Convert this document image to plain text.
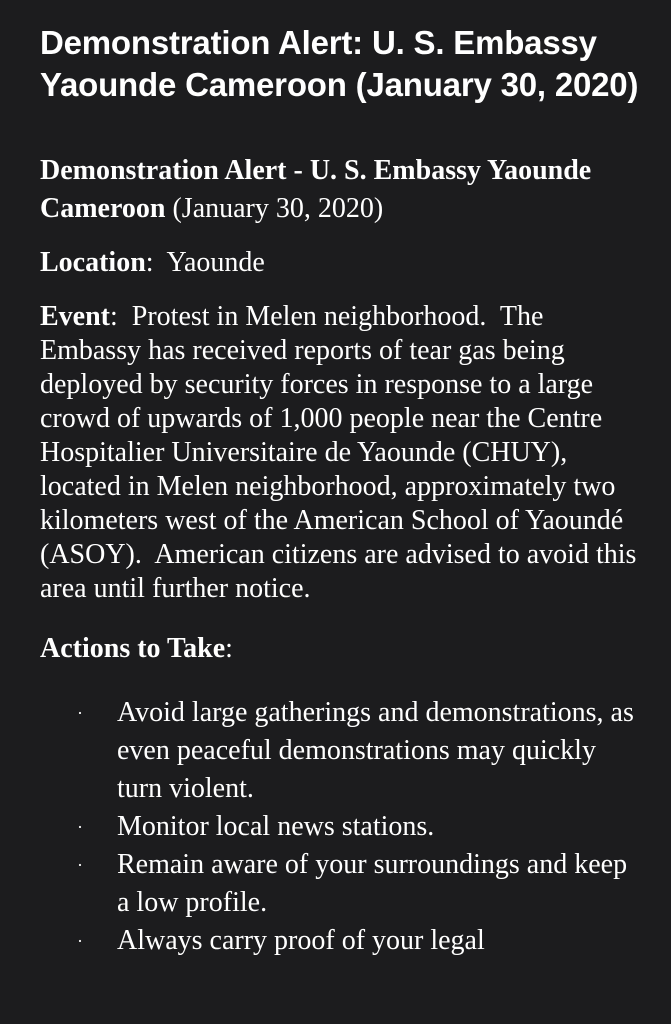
Demonstration Alert: U. S. Embassy Yaounde Cameroon (January 30, 2020)

Demonstration Alert - U. S. Embassy Yaounde Cameroon (January 30, 2020)

Location:  Yaounde

Event:  Protest in Melen neighborhood.  The Embassy has received reports of tear gas being deployed by security forces in response to a large crowd of upwards of 1,000 people near the Centre Hospitalier Universitaire de Yaounde (CHUY), located in Melen neighborhood, approximately two kilometers west of the American School of Yaoundé (ASOY).  American citizens are advised to avoid this area until further notice.

Actions to Take:

· Avoid large gatherings and demonstrations, as even peaceful demonstrations may quickly turn violent.
· Monitor local news stations.
· Remain aware of your surroundings and keep a low profile.
· Always carry proof of your legal
